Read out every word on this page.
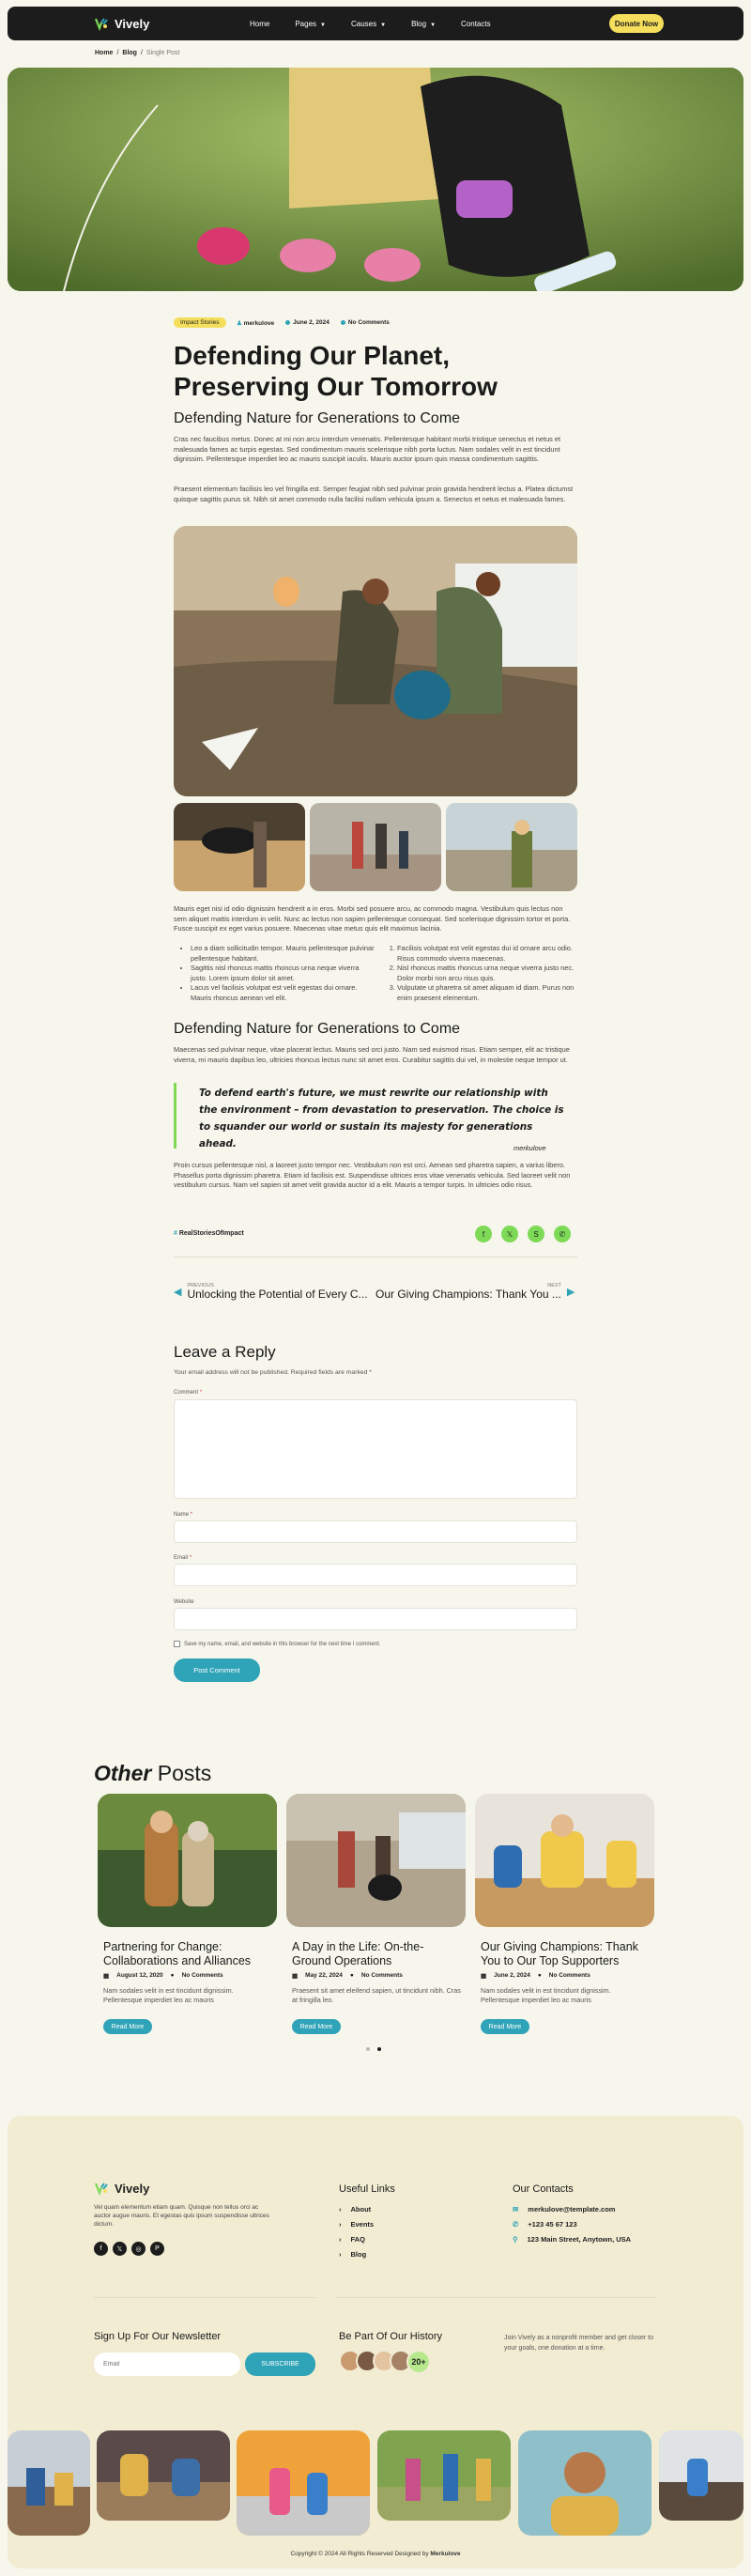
Vively	Home	Pages ▼	Causes ▼	Blog ▼	Contacts	Donate Now
Home / Blog / Single Post
Impact Stories	♟ merkulove	June 2, 2024	No Comments
Defending Our Planet, Preserving Our Tomorrow
Defending Nature for Generations to Come

Cras nec faucibus metus. Donec at mi non arcu interdum venenatis. Pellentesque habitant morbi tristique senectus et netus et malesuada fames ac turpis egestas. Sed condimentum mauris scelerisque nibh porta luctus. Nam sodales velit in est tincidunt dignissim. Pellentesque imperdiet leo ac mauris suscipit iaculis. Mauris auctor ipsum quis massa condimentum sagittis.

Praesent elementum facilisis leo vel fringilla est. Semper feugiat nibh sed pulvinar proin gravida hendrerit lectus a. Platea dictumst quisque sagittis purus sit. Nibh sit amet commodo nulla facilisi nullam vehicula ipsum a. Senectus et netus et malesuada fames.

Mauris eget nisi id odio dignissim hendrerit a in eros. Morbi sed posuere arcu, ac commodo magna. Vestibulum quis lectus non sem aliquet mattis interdum in velit. Nunc ac lectus non sapien pellentesque consequat. Sed scelerisque dignissim tortor et porta. Fusce suscipit ex eget varius posuere. Maecenas vitae metus quis elit maximus lacinia.

• Leo a diam sollicitudin tempor. Mauris pellentesque pulvinar pellentesque habitant.
• Sagittis nisl rhoncus mattis rhoncus urna neque viverra justo. Lorem ipsum dolor sit amet.
• Lacus vel facilisis volutpat est velit egestas dui ornare. Mauris rhoncus aenean vel elit.
1. Facilisis volutpat est velit egestas dui id ornare arcu odio. Risus commodo viverra maecenas.
2. Nisl rhoncus mattis rhoncus urna neque viverra justo nec. Dolor morbi non arcu risus quis.
3. Vulputate ut pharetra sit amet aliquam id diam. Purus non enim praesent elementum.
Defending Nature for Generations to Come

Maecenas sed pulvinar neque, vitae placerat lectus. Mauris sed orci justo. Nam sed euismod risus. Etiam semper, elit ac tristique viverra, mi mauris dapibus leo, ultricies rhoncus lectus nunc sit amet eros. Curabitur sagittis dui vel, in molestie neque tempor ut.

To defend earth's future, we must rewrite our relationship with the environment – from devastation to preservation. The choice is to squander our world or sustain its majesty for generations ahead.	merkulove

Proin cursus pellentesque nisl, a laoreet justo tempor nec. Vestibulum non est orci. Aenean sed pharetra sapien, a varius libero. Phasellus porta dignissim pharetra. Etiam id facilisis est. Suspendisse ultrices eros vitae venenatis vehicula. Sed laoreet velit non vestibulum cursus. Nam vel sapien sit amet velit gravida auctor id a elit. Mauris a tempor turpis. In ultricies odio risus.

# RealStoriesOfImpact	f	𝕏	S	✆
◀
PREVIOUS
Unlocking the Potential of Every C...
NEXT
Our Giving Champions: Thank You ... ▶
Leave a Reply
Your email address will not be published. Required fields are marked *
Comment *
Name *
Email *
Website
Save my name, email, and website in this browser for the next time I comment.
Post Comment
Other Posts
Partnering for Change: Collaborations and Alliances
▦ August 12, 2020 ● No Comments
Nam sodales velit in est tincidunt dignissim. Pellentesque imperdiet leo ac mauris
Read More
A Day in the Life: On-the-Ground Operations
▦ May 22, 2024 ● No Comments
Praesent sit amet eleifend sapien, ut tincidunt nibh. Cras at fringilla leo.
Read More
Our Giving Champions: Thank You to Our Top Supporters
▦ June 2, 2024 ● No Comments
Nam sodales velit in est tincidunt dignissim. Pellentesque imperdiet leo ac mauris
Read More
Vively
Vel quam elementum etiam quam. Quisque non tellus orci ac auctor augue mauris. Et egestas quis ipsum suspendisse ultrices dictum.
f	𝕏	◎	P
Useful Links
› About
› Events
› FAQ
› Blog
Our Contacts
✉ merkulove@template.com
✆ +123 45 67 123
⚲ 123 Main Street, Anytown, USA
Sign Up For Our Newsletter
Email
SUBSCRIBE
Be Part Of Our History
20+
Join Vively as a nonprofit member and get closer to your goals, one donation at a time.
Copyright © 2024 All Rights Reserved Designed by Merkulove
